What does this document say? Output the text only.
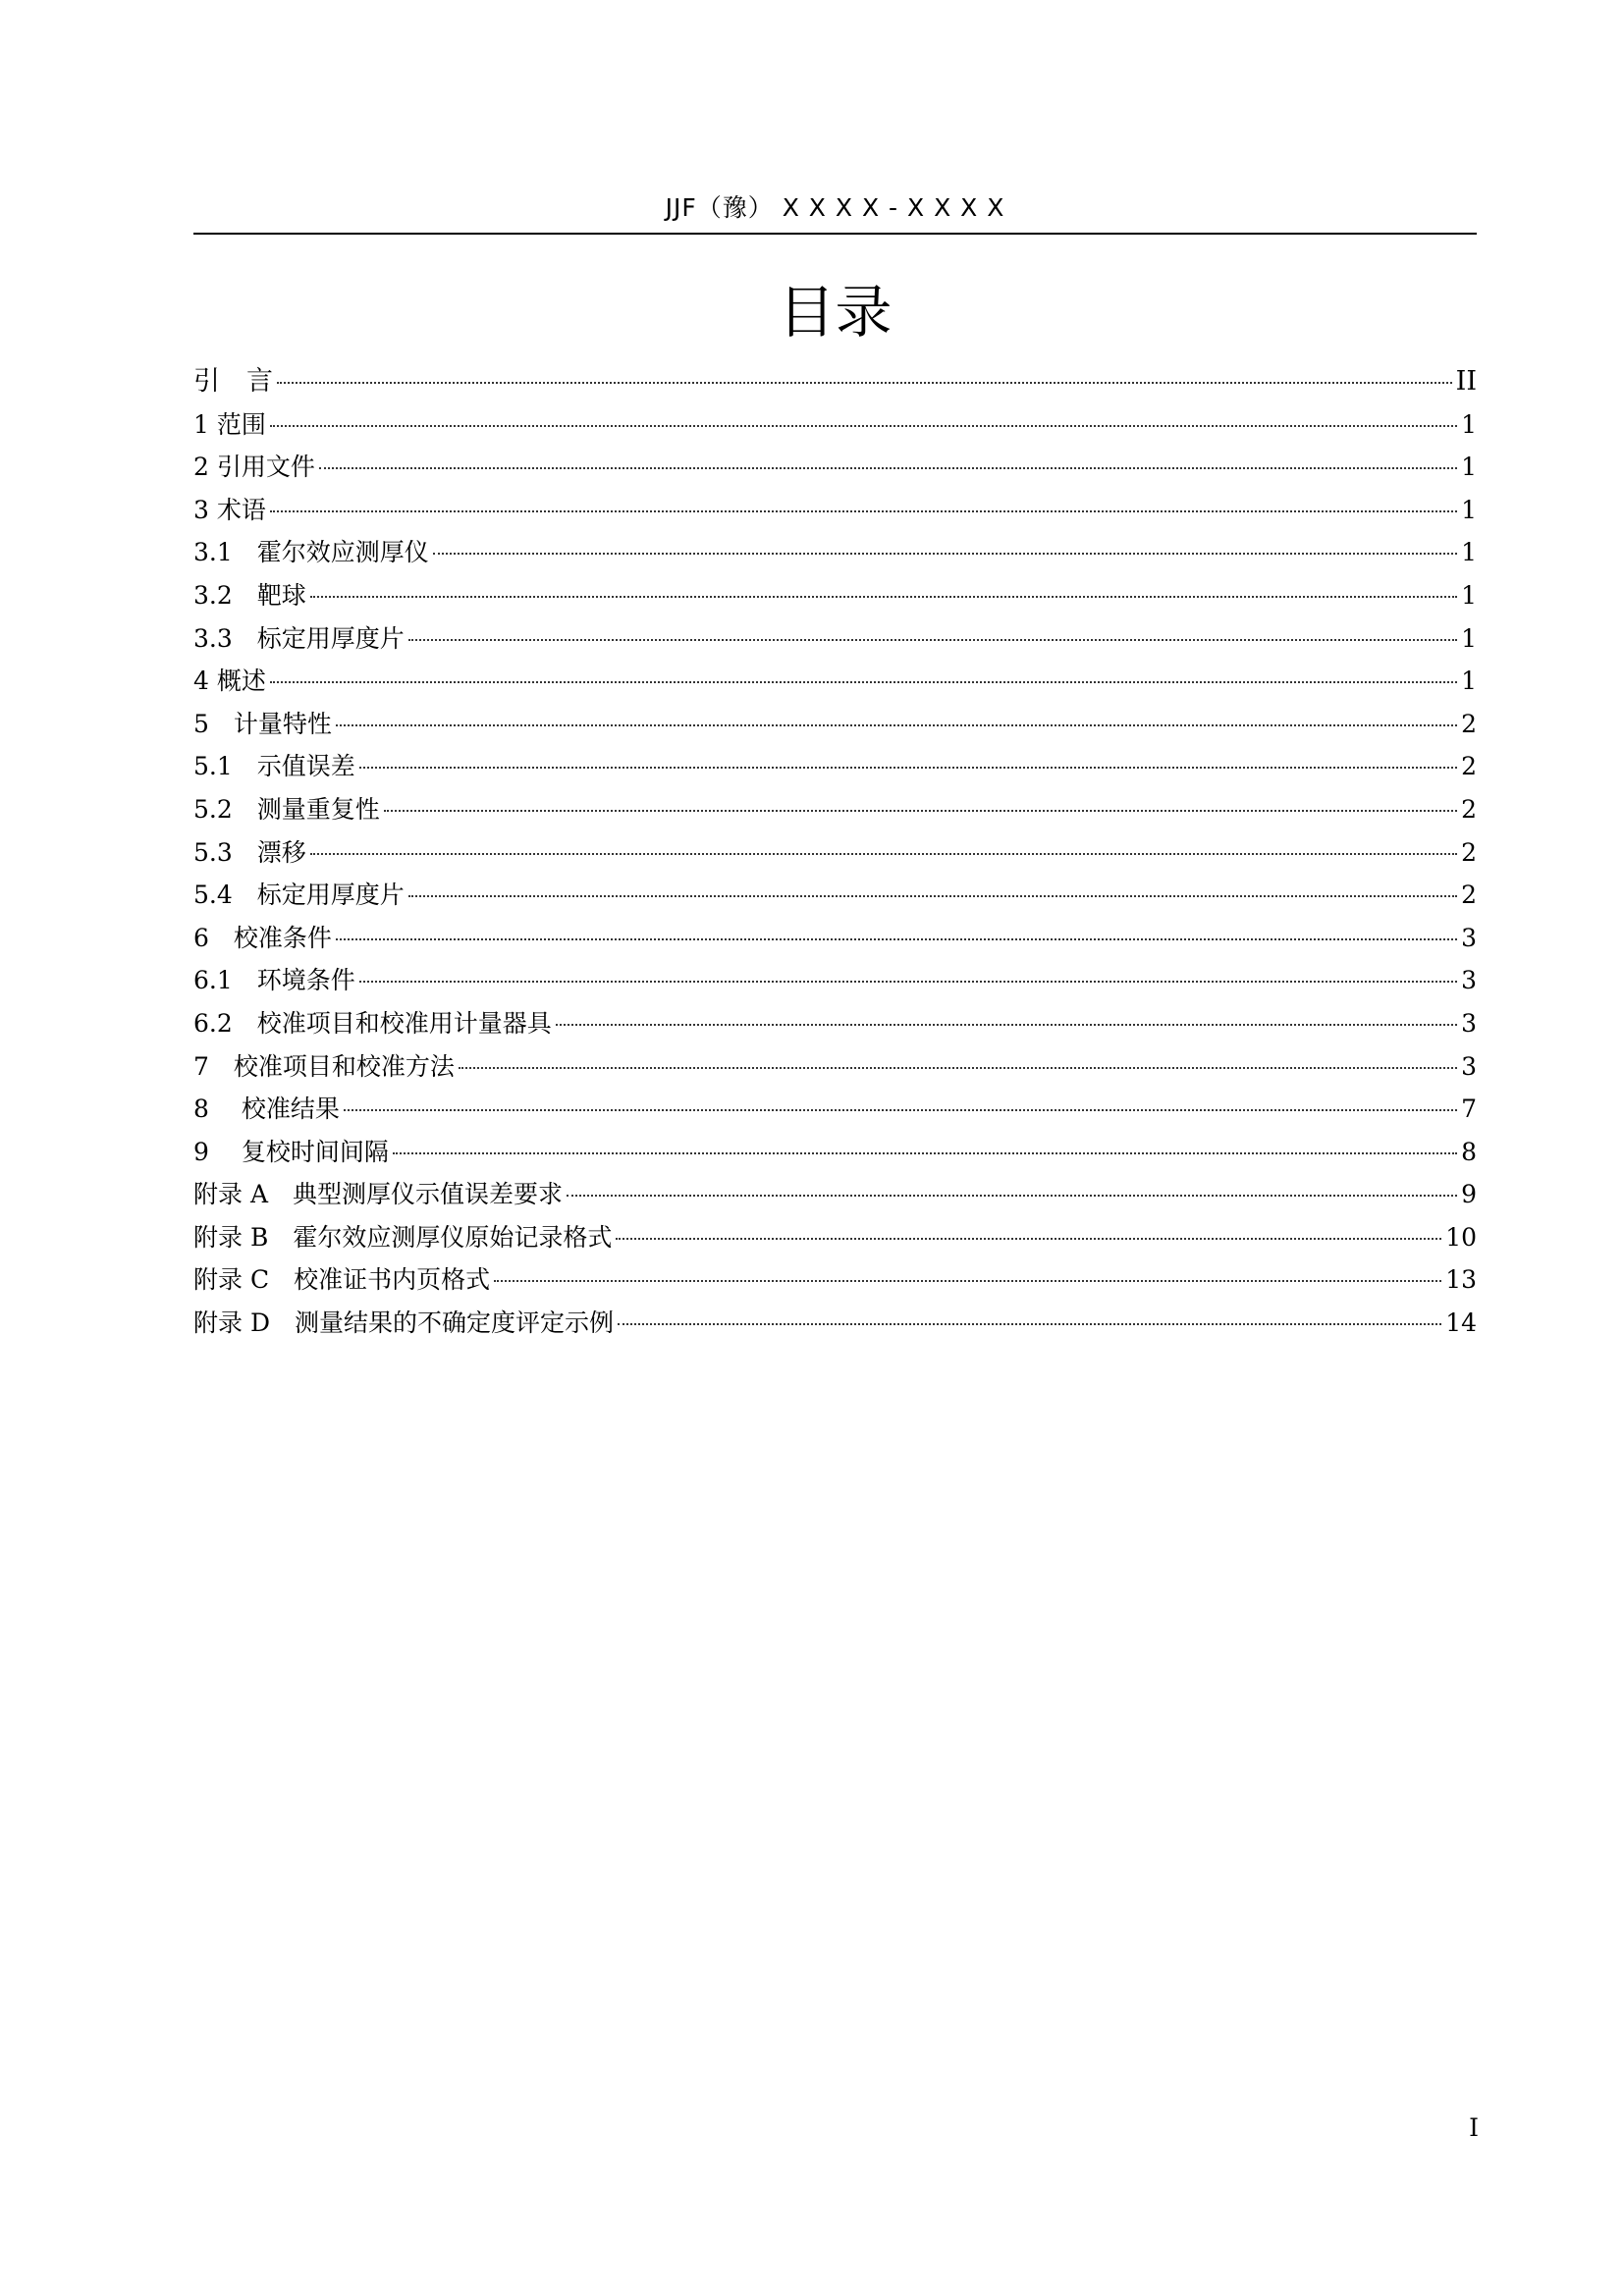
JJF（豫） X X X X - X X X X
目录
引　言	II
1 范围	1
2 引用文件	1
3 术语	1
3.1　霍尔效应测厚仪	1
3.2　靶球	1
3.3　标定用厚度片	1
4 概述	1
5　计量特性	2
5.1　示值误差	2
5.2　测量重复性	2
5.3　漂移	2
5.4　标定用厚度片	2
6　校准条件	3
6.1　环境条件	3
6.2　校准项目和校准用计量器具	3
7　校准项目和校准方法	3
8　 校准结果	7
9　 复校时间间隔	8
附录 A　典型测厚仪示值误差要求	9
附录 B　霍尔效应测厚仪原始记录格式	10
附录 C　校准证书内页格式	13
附录 D　测量结果的不确定度评定示例	14
I
